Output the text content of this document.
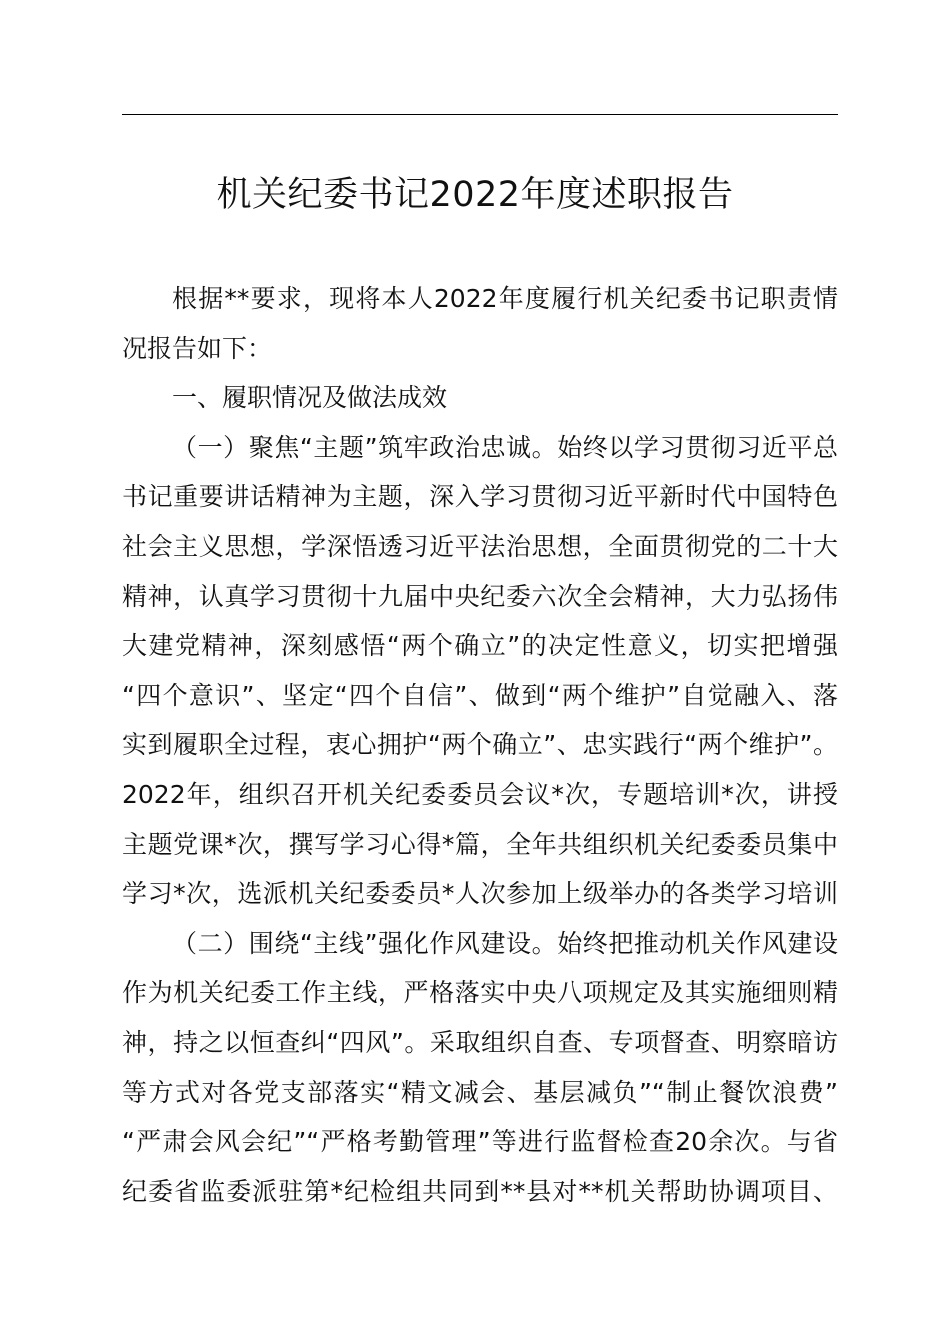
机关纪委书记2022年度述职报告
根据**要求，现将本人2022年度履行机关纪委书记职责情
况报告如下：
一、履职情况及做法成效
（一）聚焦“主题”筑牢政治忠诚。始终以学习贯彻习近平总
书记重要讲话精神为主题，深入学习贯彻习近平新时代中国特色
社会主义思想，学深悟透习近平法治思想，全面贯彻党的二十大
精神，认真学习贯彻十九届中央纪委六次全会精神，大力弘扬伟
大建党精神，深刻感悟“两个确立”的决定性意义，切实把增强
“四个意识”、坚定“四个自信”、做到“两个维护”自觉融入、落
实到履职全过程，衷心拥护“两个确立”、忠实践行“两个维护”。
2022年，组织召开机关纪委委员会议*次，专题培训*次，讲授
主题党课*次，撰写学习心得*篇，全年共组织机关纪委委员集中
学习*次，选派机关纪委委员*人次参加上级举办的各类学习培训
（二）围绕“主线”强化作风建设。始终把推动机关作风建设
作为机关纪委工作主线，严格落实中央八项规定及其实施细则精
神，持之以恒查纠“四风”。采取组织自查、专项督查、明察暗访
等方式对各党支部落实“精文减会、基层减负”“制止餐饮浪费”
“严肃会风会纪”“严格考勤管理”等进行监督检查20余次。与省
纪委省监委派驻第*纪检组共同到**县对**机关帮助协调项目、
